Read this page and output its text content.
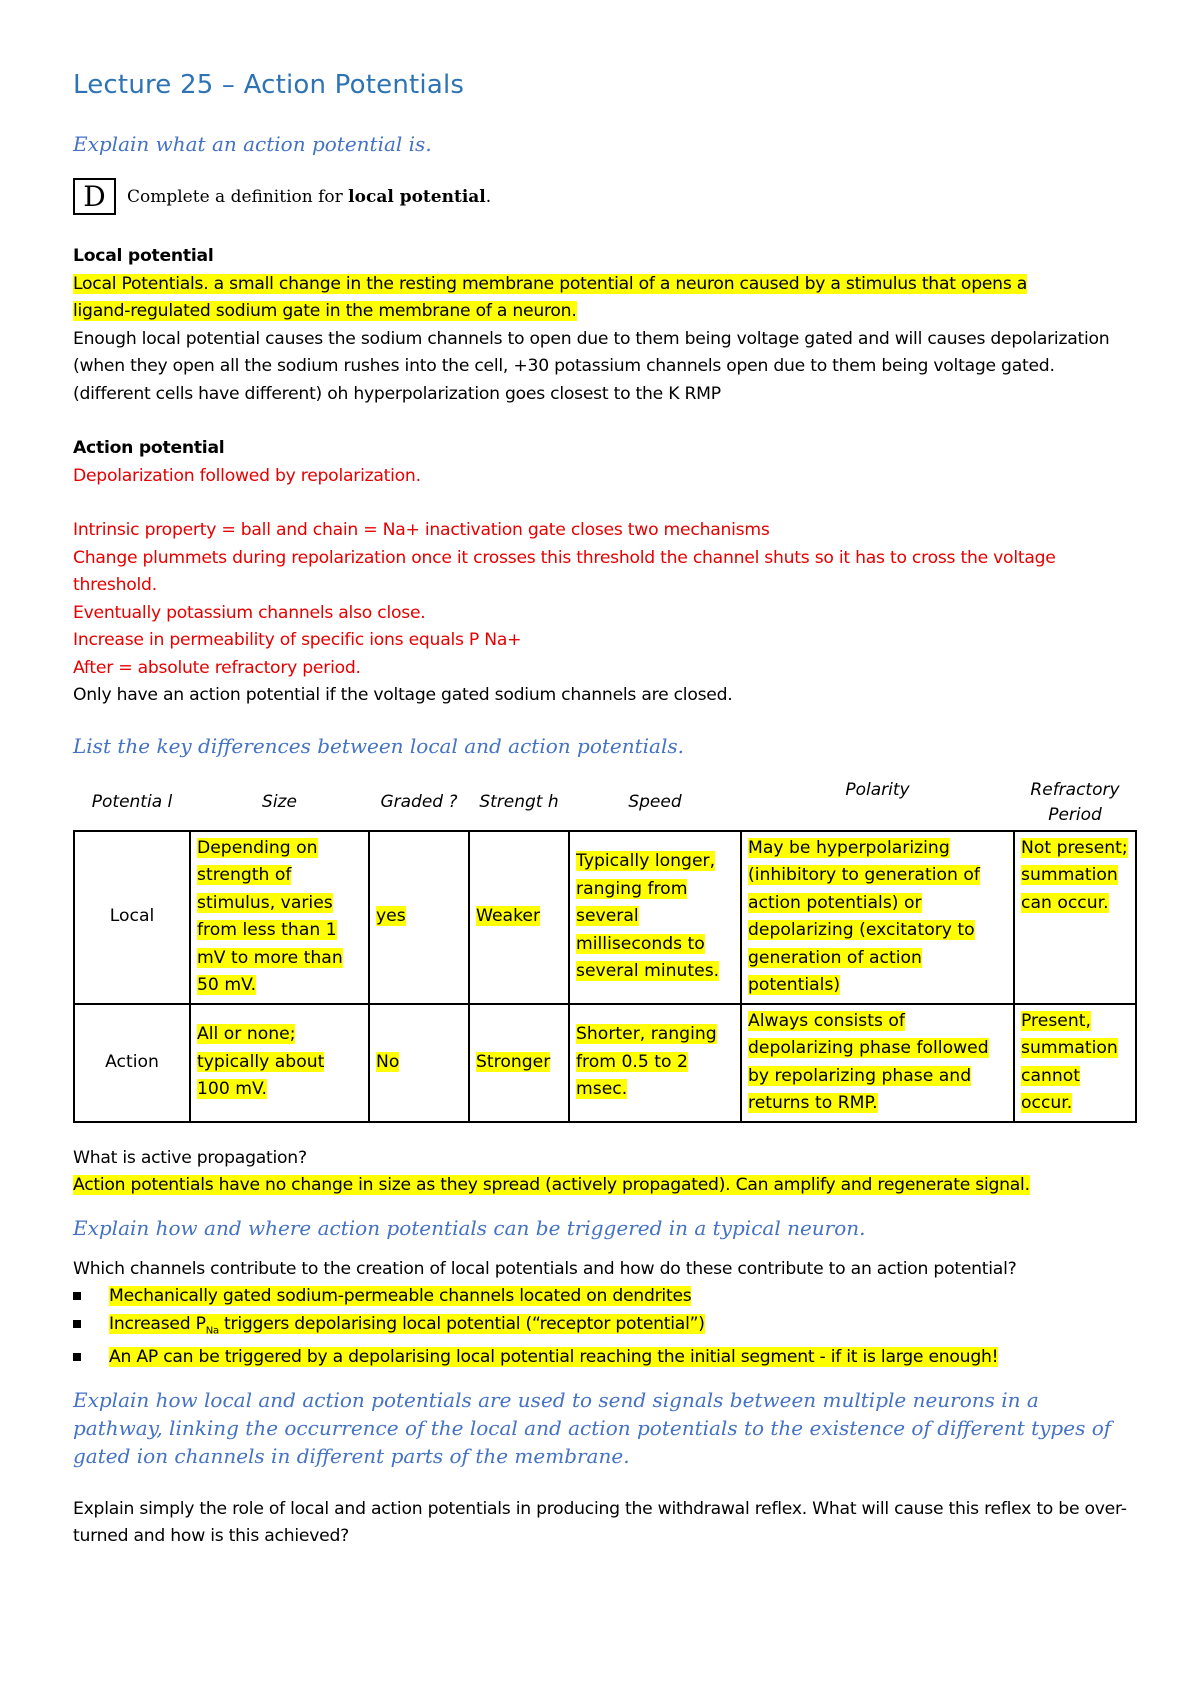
Lecture 25 – Action Potentials

Explain what an action potential is.

D	Complete a definition for local potential.

Local potential

Local Potentials. a small change in the resting membrane potential of a neuron caused by a stimulus that opens a
ligand-regulated sodium gate in the membrane of a neuron.

Enough local potential causes the sodium channels to open due to them being voltage gated and will causes depolarization (when they open all the sodium rushes into the cell, +30 potassium channels open due to them being voltage gated. (different cells have different) oh hyperpolarization goes closest to the K RMP

Action potential

Depolarization followed by repolarization.

Intrinsic property = ball and chain = Na+ inactivation gate closes two mechanisms

Change plummets during repolarization once it crosses this threshold the channel shuts so it has to cross the voltage threshold.

Eventually potassium channels also close.

Increase in permeability of specific ions equals P Na+

After = absolute refractory period.

Only have an action potential if the voltage gated sodium channels are closed.

List the key differences between local and action potentials.

Potentia l	Size	Graded ?	Strengt h	Speed	Polarity	Refractory Period
Local	Depending on strength of stimulus, varies from less than 1 mV to more than 50 mV.	yes	Weaker	Typically longer, ranging from several milliseconds to several minutes.	May be hyperpolarizing (inhibitory to generation of action potentials) or depolarizing (excitatory to generation of action potentials)	Not present; summation can occur.
Action	All or none; typically about 100 mV.	No	Stronger	Shorter, ranging from 0.5 to 2 msec.	Always consists of depolarizing phase followed by repolarizing phase and returns to RMP.	Present, summation cannot occur.

What is active propagation?

Action potentials have no change in size as they spread (actively propagated). Can amplify and regenerate signal.

Explain how and where action potentials can be triggered in a typical neuron.

Which channels contribute to the creation of local potentials and how do these contribute to an action potential?

Mechanically gated sodium-permeable channels located on dendrites
Increased $P_{Na}$ triggers depolarising local potential (“receptor potential”)
An AP can be triggered by a depolarising local potential reaching the initial segment - if it is large enough!

Explain how local and action potentials are used to send signals between multiple neurons in a pathway, linking the occurrence of the local and action potentials to the existence of different types of gated ion channels in different parts of the membrane.

Explain simply the role of local and action potentials in producing the withdrawal reflex. What will cause this reflex to be over-turned and how is this achieved?
